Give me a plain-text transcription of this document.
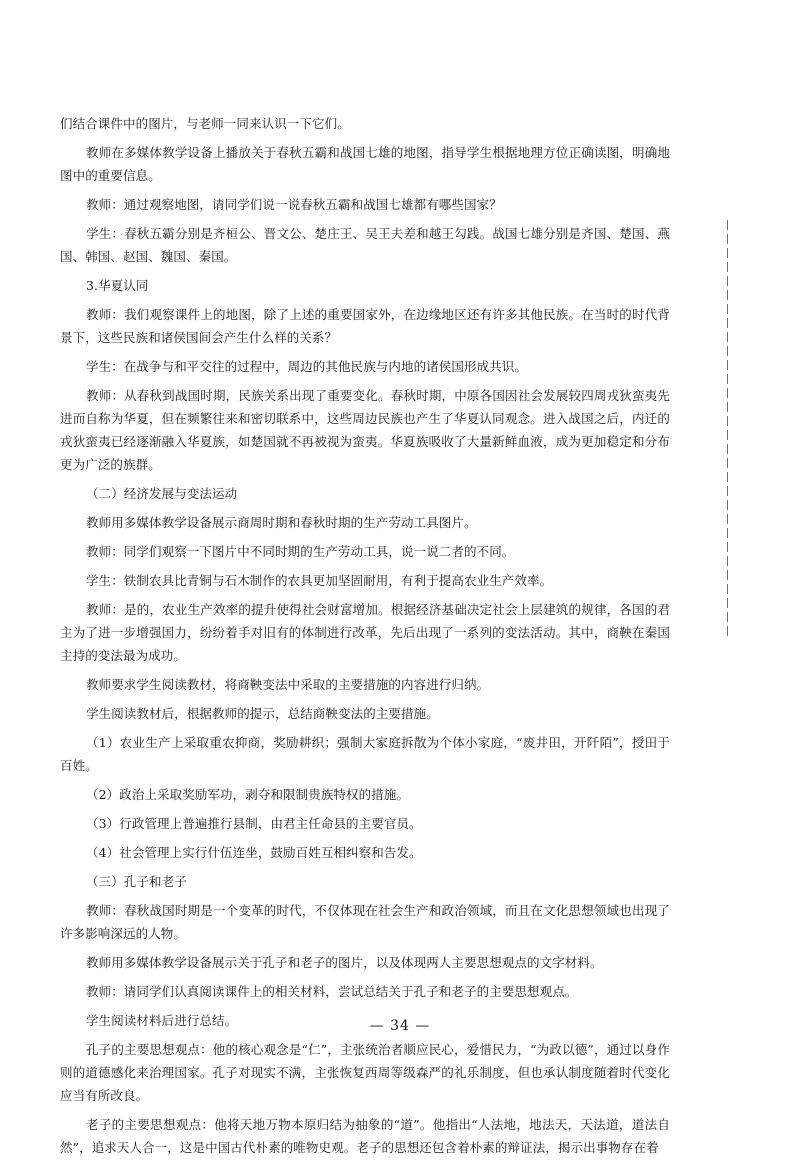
们结合课件中的图片，与老师一同来认识一下它们。

教师在多媒体教学设备上播放关于春秋五霸和战国七雄的地图，指导学生根据地理方位正确读图，明确地图中的重要信息。

教师：通过观察地图，请同学们说一说春秋五霸和战国七雄都有哪些国家？

学生：春秋五霸分别是齐桓公、晋文公、楚庄王、吴王夫差和越王勾践。战国七雄分别是齐国、楚国、燕国、韩国、赵国、魏国、秦国。

3.华夏认同

教师：我们观察课件上的地图，除了上述的重要国家外，在边缘地区还有许多其他民族。在当时的时代背景下，这些民族和诸侯国间会产生什么样的关系？

学生：在战争与和平交往的过程中，周边的其他民族与内地的诸侯国形成共识。

教师：从春秋到战国时期，民族关系出现了重要变化。春秋时期，中原各国因社会发展较四周戎狄蛮夷先进而自称为华夏，但在频繁往来和密切联系中，这些周边民族也产生了华夏认同观念。进入战国之后，内迁的戎狄蛮夷已经逐渐融入华夏族，如楚国就不再被视为蛮夷。华夏族吸收了大量新鲜血液，成为更加稳定和分布更为广泛的族群。

（二）经济发展与变法运动

教师用多媒体教学设备展示商周时期和春秋时期的生产劳动工具图片。

教师：同学们观察一下图片中不同时期的生产劳动工具，说一说二者的不同。

学生：铁制农具比青铜与石木制作的农具更加坚固耐用，有利于提高农业生产效率。

教师：是的，农业生产效率的提升使得社会财富增加。根据经济基础决定社会上层建筑的规律，各国的君主为了进一步增强国力，纷纷着手对旧有的体制进行改革，先后出现了一系列的变法活动。其中，商鞅在秦国主持的变法最为成功。

教师要求学生阅读教材，将商鞅变法中采取的主要措施的内容进行归纳。

学生阅读教材后，根据教师的提示，总结商鞅变法的主要措施。

（1）农业生产上采取重农抑商，奖励耕织；强制大家庭拆散为个体小家庭，“废井田，开阡陌”，授田于百姓。

（2）政治上采取奖励军功，剥夺和限制贵族特权的措施。

（3）行政管理上普遍推行县制，由君主任命县的主要官员。

（4）社会管理上实行什伍连坐，鼓励百姓互相纠察和告发。

（三）孔子和老子

教师：春秋战国时期是一个变革的时代，不仅体现在社会生产和政治领域，而且在文化思想领域也出现了许多影响深远的人物。

教师用多媒体教学设备展示关于孔子和老子的图片，以及体现两人主要思想观点的文字材料。

教师：请同学们认真阅读课件上的相关材料，尝试总结关于孔子和老子的主要思想观点。

学生阅读材料后进行总结。

孔子的主要思想观点：他的核心观念是“仁”，主张统治者顺应民心，爱惜民力，“为政以德”，通过以身作则的道德感化来治理国家。孔子对现实不满，主张恢复西周等级森严的礼乐制度，但也承认制度随着时代变化应当有所改良。

老子的主要思想观点：他将天地万物本原归结为抽象的“道”。他指出“人法地，地法天，天法道，道法自然”，追求天人合一，这是中国古代朴素的唯物史观。老子的思想还包含着朴素的辩证法，揭示出事物存在着

— 34 —
